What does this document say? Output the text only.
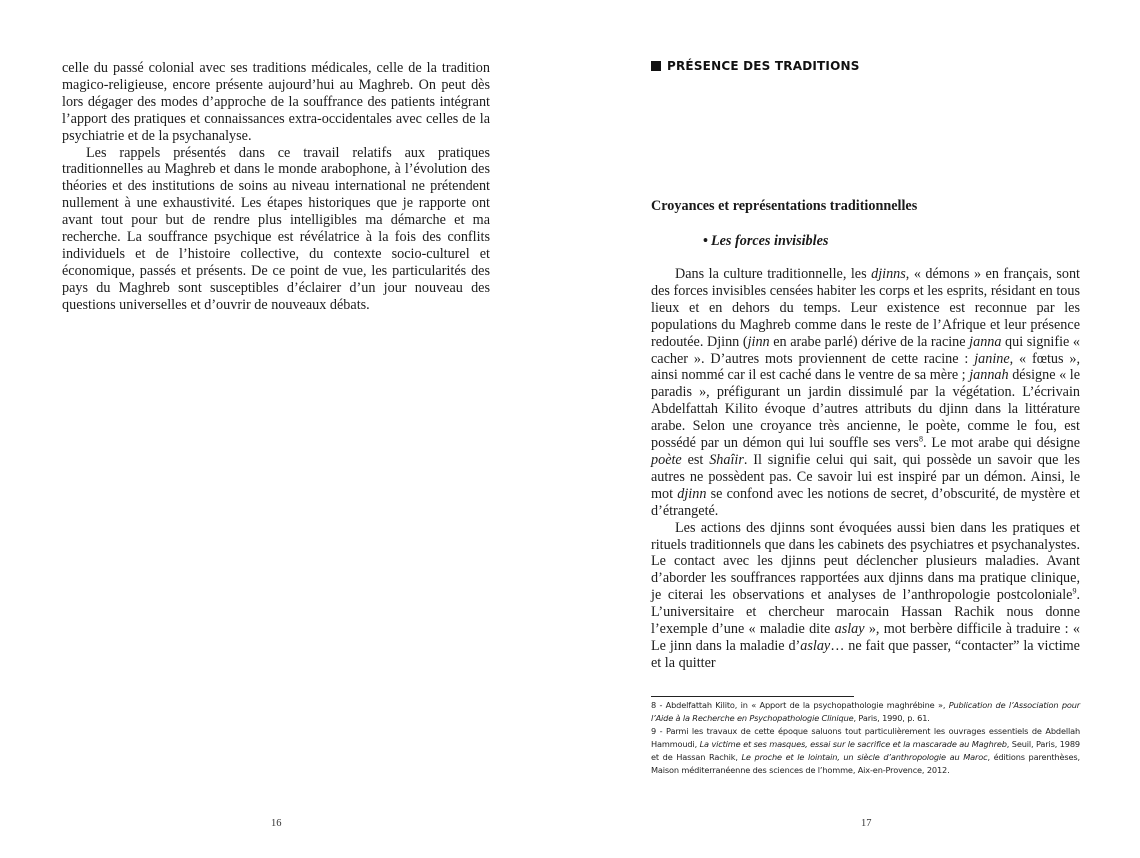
celle du passé colonial avec ses traditions médicales, celle de la tradition magico-religieuse, encore présente aujourd’hui au Maghreb. On peut dès lors dégager des modes d’approche de la souffrance des patients intégrant l’apport des pratiques et connaissances extra-occidentales avec celles de la psychiatrie et de la psychanalyse.

Les rappels présentés dans ce travail relatifs aux pratiques traditionnelles au Maghreb et dans le monde arabophone, à l’évolution des théories et des institutions de soins au niveau international ne prétendent nullement à une exhaustivité. Les étapes historiques que je rapporte ont avant tout pour but de rendre plus intelligibles ma démarche et ma recherche. La souffrance psychique est révélatrice à la fois des conflits individuels et de l’histoire collective, du contexte socio-culturel et économique, passés et présents. De ce point de vue, les particularités des pays du Maghreb sont susceptibles d’éclairer d’un jour nouveau des questions universelles et d’ouvrir de nouveaux débats.

16
PRÉSENCE DES TRADITIONS
Croyances et représentations traditionnelles
• Les forces invisibles

Dans la culture traditionnelle, les djinns, « démons » en français, sont des forces invisibles censées habiter les corps et les esprits, résidant en tous lieux et en dehors du temps. Leur existence est reconnue par les populations du Maghreb comme dans le reste de l’Afrique et leur présence redoutée. Djinn (jinn en arabe parlé) dérive de la racine janna qui signifie « cacher ». D’autres mots proviennent de cette racine : janine, « fœtus », ainsi nommé car il est caché dans le ventre de sa mère ; jannah désigne « le paradis », préfigurant un jardin dissimulé par la végétation. L’écrivain Abdelfattah Kilito évoque d’autres attributs du djinn dans la littérature arabe. Selon une croyance très ancienne, le poète, comme le fou, est possédé par un démon qui lui souffle ses vers$^8$. Le mot arabe qui désigne poète est Shaîir. Il signifie celui qui sait, qui possède un savoir que les autres ne possèdent pas. Ce savoir lui est inspiré par un démon. Ainsi, le mot djinn se confond avec les notions de secret, d’obscurité, de mystère et d’étrangeté.

Les actions des djinns sont évoquées aussi bien dans les pratiques et rituels traditionnels que dans les cabinets des psychiatres et psychanalystes. Le contact avec les djinns peut déclencher plusieurs maladies. Avant d’aborder les souffrances rapportées aux djinns dans ma pratique clinique, je citerai les observations et analyses de l’anthropologie postcoloniale$^9$. L’universitaire et chercheur marocain Hassan Rachik nous donne l’exemple d’une « maladie dite aslay », mot berbère difficile à traduire : « Le jinn dans la maladie d’aslay… ne fait que passer, “contacter” la victime et la quitter

8 - Abdelfattah Kilito, in « Apport de la psychopathologie maghrébine », Publication de l’Association pour l’Aide à la Recherche en Psychopathologie Clinique, Paris, 1990, p. 61.

9 - Parmi les travaux de cette époque saluons tout particulièrement les ouvrages essentiels de Abdellah Hammoudi, La victime et ses masques, essai sur le sacrifice et la mascarade au Maghreb, Seuil, Paris, 1989 et de Hassan Rachik, Le proche et le lointain, un siècle d’anthropologie au Maroc, éditions parenthèses, Maison méditerranéenne des sciences de l’homme, Aix-en-Provence, 2012.

17
